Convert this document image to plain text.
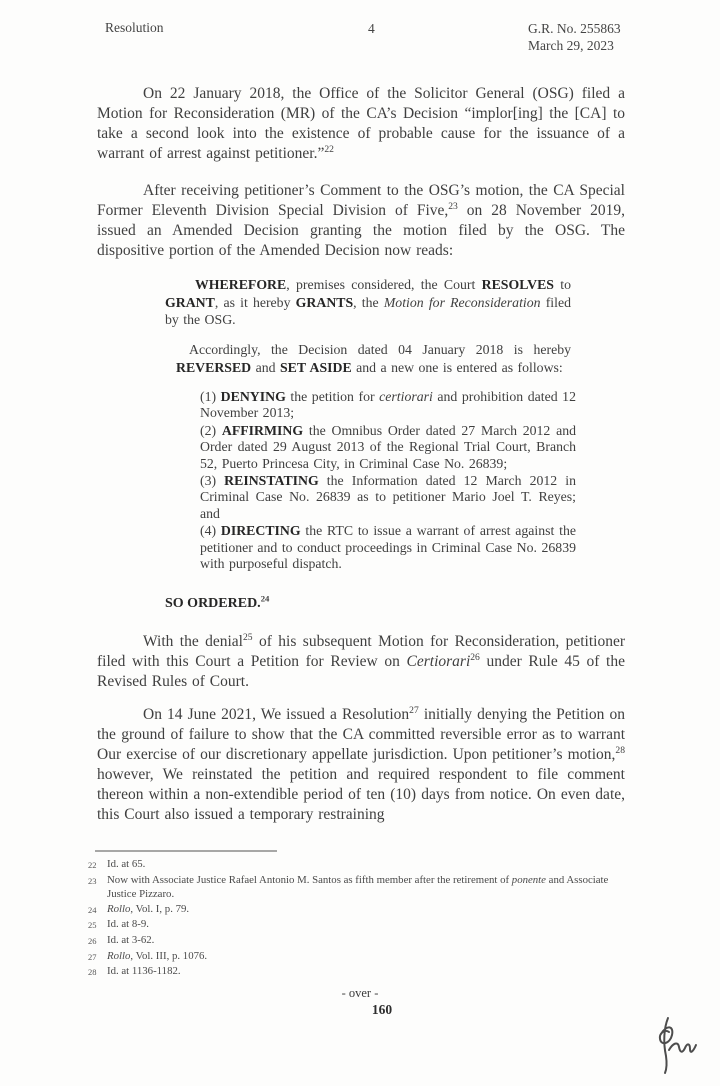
Resolution	4	G.R. No. 255863
March 29, 2023
On 22 January 2018, the Office of the Solicitor General (OSG) filed a Motion for Reconsideration (MR) of the CA’s Decision “implor[ing] the [CA] to take a second look into the existence of probable cause for the issuance of a warrant of arrest against petitioner.”$^{22}$
After receiving petitioner’s Comment to the OSG’s motion, the CA Special Former Eleventh Division Special Division of Five,$^{23}$ on 28 November 2019, issued an Amended Decision granting the motion filed by the OSG. The dispositive portion of the Amended Decision now reads:
WHEREFORE, premises considered, the Court RESOLVES to GRANT, as it hereby GRANTS, the Motion for Reconsideration filed by the OSG.
Accordingly, the Decision dated 04 January 2018 is hereby REVERSED and SET ASIDE and a new one is entered as follows:
(1) DENYING the petition for certiorari and prohibition dated 12 November 2013;
(2) AFFIRMING the Omnibus Order dated 27 March 2012 and Order dated 29 August 2013 of the Regional Trial Court, Branch 52, Puerto Princesa City, in Criminal Case No. 26839;
(3) REINSTATING the Information dated 12 March 2012 in Criminal Case No. 26839 as to petitioner Mario Joel T. Reyes; and
(4) DIRECTING the RTC to issue a warrant of arrest against the petitioner and to conduct proceedings in Criminal Case No. 26839 with purposeful dispatch.
SO ORDERED.$^{24}$
With the denial$^{25}$ of his subsequent Motion for Reconsideration, petitioner filed with this Court a Petition for Review on Certiorari$^{26}$ under Rule 45 of the Revised Rules of Court.
On 14 June 2021, We issued a Resolution$^{27}$ initially denying the Petition on the ground of failure to show that the CA committed reversible error as to warrant Our exercise of our discretionary appellate jurisdiction. Upon petitioner’s motion,$^{28}$ however, We reinstated the petition and required respondent to file comment thereon within a non-extendible period of ten (10) days from notice. On even date, this Court also issued a temporary restraining
22 Id. at 65.
23 Now with Associate Justice Rafael Antonio M. Santos as fifth member after the retirement of ponente and Associate Justice Pizzaro.
24 Rollo, Vol. I, p. 79.
25 Id. at 8-9.
26 Id. at 3-62.
27 Rollo, Vol. III, p. 1076.
28 Id. at 1136-1182.
- over -
160
